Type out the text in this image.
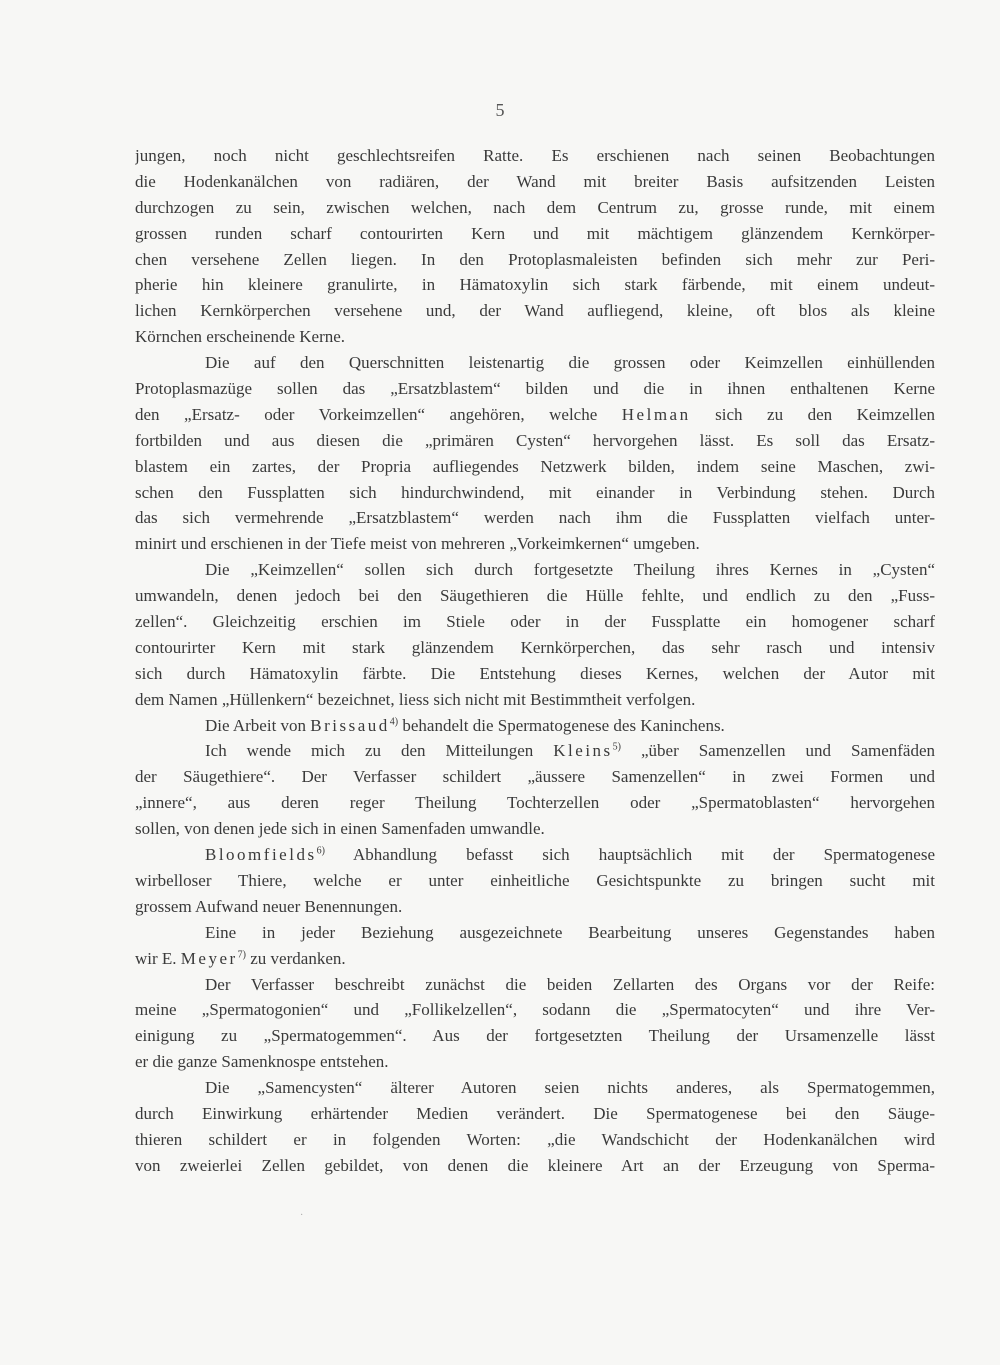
5
jungen, noch nicht geschlechtsreifen Ratte. Es erschienen nach seinen Beobachtungen
die Hodenkanälchen von radiären, der Wand mit breiter Basis aufsitzenden Leisten
durchzogen zu sein, zwischen welchen, nach dem Centrum zu, grosse runde, mit einem
grossen runden scharf contourirten Kern und mit mächtigem glänzendem Kernkörper-
chen versehene Zellen liegen. In den Protoplasmaleisten befinden sich mehr zur Peri-
pherie hin kleinere granulirte, in Hämatoxylin sich stark färbende, mit einem undeut-
lichen Kernkörperchen versehene und, der Wand aufliegend, kleine, oft blos als kleine
Körnchen erscheinende Kerne.
Die auf den Querschnitten leistenartig die grossen oder Keimzellen einhüllenden
Protoplasmazüge sollen das „Ersatzblastem“ bilden und die in ihnen enthaltenen Kerne
den „Ersatz- oder Vorkeimzellen“ angehören, welche Helman sich zu den Keimzellen
fortbilden und aus diesen die „primären Cysten“ hervorgehen lässt. Es soll das Ersatz-
blastem ein zartes, der Propria aufliegendes Netzwerk bilden, indem seine Maschen, zwi-
schen den Fussplatten sich hindurchwindend, mit einander in Verbindung stehen. Durch
das sich vermehrende „Ersatzblastem“ werden nach ihm die Fussplatten vielfach unter-
minirt und erschienen in der Tiefe meist von mehreren „Vorkeimkernen“ umgeben.
Die „Keimzellen“ sollen sich durch fortgesetzte Theilung ihres Kernes in „Cysten“
umwandeln, denen jedoch bei den Säugethieren die Hülle fehlte, und endlich zu den „Fuss-
zellen“. Gleichzeitig erschien im Stiele oder in der Fussplatte ein homogener scharf
contourirter Kern mit stark glänzendem Kernkörperchen, das sehr rasch und intensiv
sich durch Hämatoxylin färbte. Die Entstehung dieses Kernes, welchen der Autor mit
dem Namen „Hüllenkern“ bezeichnet, liess sich nicht mit Bestimmtheit verfolgen.
Die Arbeit von Brissaud$^{4)}$ behandelt die Spermatogenese des Kaninchens.
Ich wende mich zu den Mitteilungen Kleins$^{5)}$ „über Samenzellen und Samenfäden
der Säugethiere“. Der Verfasser schildert „äussere Samenzellen“ in zwei Formen und
„innere“, aus deren reger Theilung Tochterzellen oder „Spermatoblasten“ hervorgehen
sollen, von denen jede sich in einen Samenfaden umwandle.
Bloomfields$^{6)}$ Abhandlung befasst sich hauptsächlich mit der Spermatogenese
wirbelloser Thiere, welche er unter einheitliche Gesichtspunkte zu bringen sucht mit
grossem Aufwand neuer Benennungen.
Eine in jeder Beziehung ausgezeichnete Bearbeitung unseres Gegenstandes haben
wir E. Meyer$^{7)}$ zu verdanken.
Der Verfasser beschreibt zunächst die beiden Zellarten des Organs vor der Reife:
meine „Spermatogonien“ und „Follikelzellen“, sodann die „Spermatocyten“ und ihre Ver-
einigung zu „Spermatogemmen“. Aus der fortgesetzten Theilung der Ursamenzelle lässt
er die ganze Samenknospe entstehen.
Die „Samencysten“ älterer Autoren seien nichts anderes, als Spermatogemmen,
durch Einwirkung erhärtender Medien verändert. Die Spermatogenese bei den Säuge-
thieren schildert er in folgenden Worten: „die Wandschicht der Hodenkanälchen wird
von zweierlei Zellen gebildet, von denen die kleinere Art an der Erzeugung von Sperma-
·
